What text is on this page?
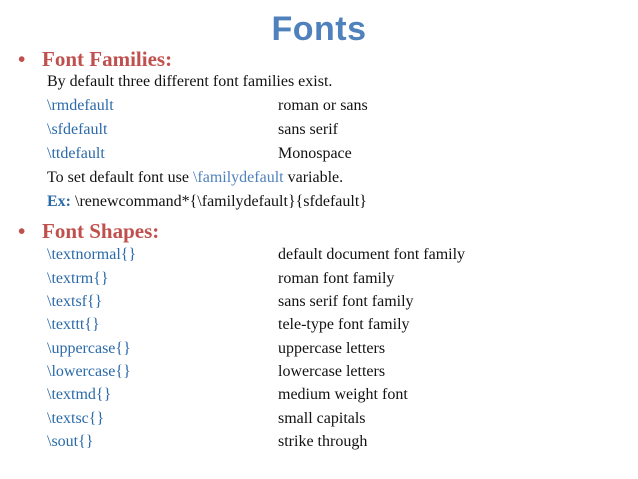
Fonts
• Font Families:
By default three different font families exist.
\rmdefault	roman or sans
\sfdefault	sans serif
\ttdefault	Monospace
To set default font use \familydefault variable.
Ex: \renewcommand*{\familydefault}{sfdefault}
• Font Shapes:
\textnormal{}	default document font family
\textrm{}	roman font family
\textsf{}	sans serif font family
\texttt{}	tele-type font family
\uppercase{}	uppercase letters
\lowercase{}	lowercase letters
\textmd{}	medium weight font
\textsc{}	small capitals
\sout{}	strike through
